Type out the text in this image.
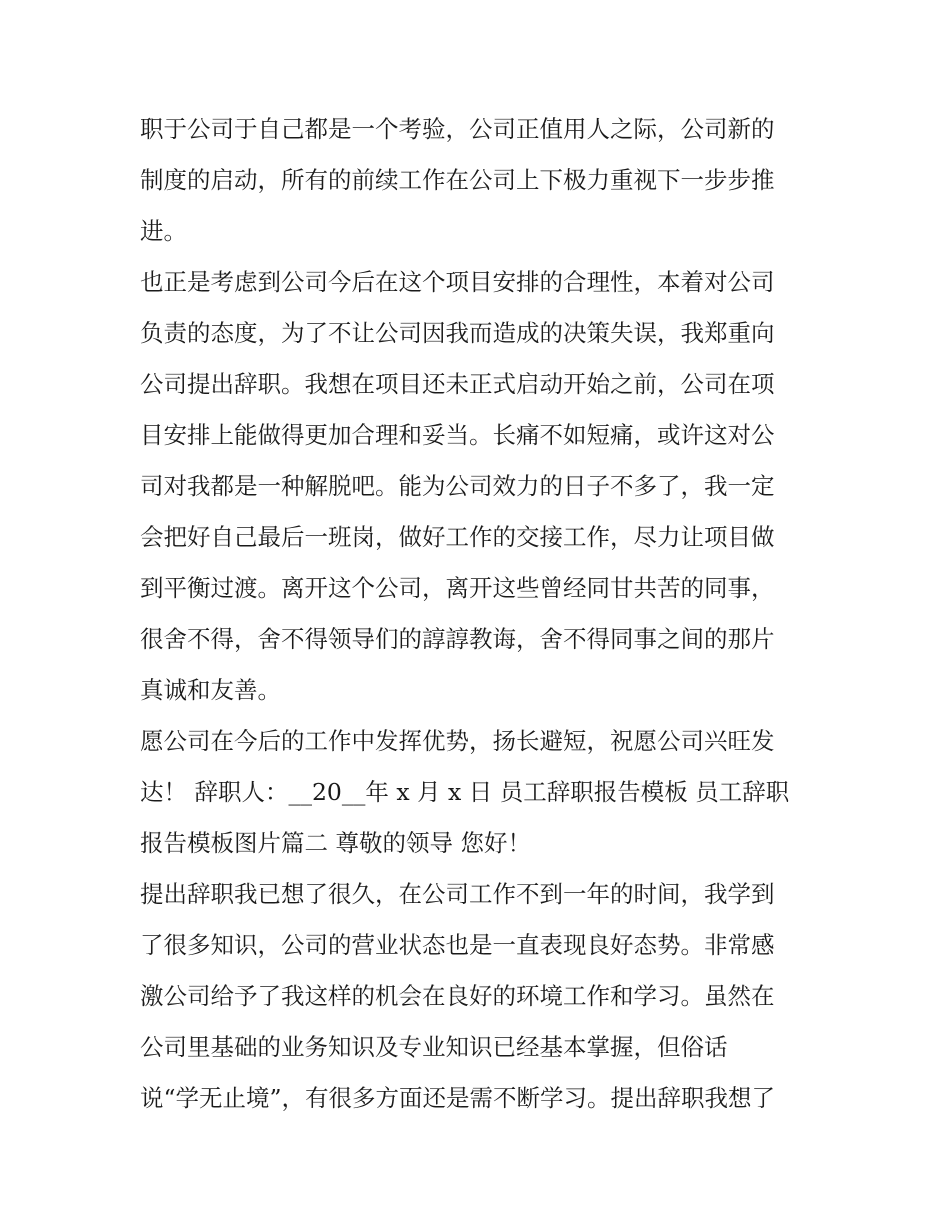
职于公司于自己都是一个考验，公司正值用人之际，公司新的
制度的启动，所有的前续工作在公司上下极力重视下一步步推
进。
也正是考虑到公司今后在这个项目安排的合理性，本着对公司
负责的态度，为了不让公司因我而造成的决策失误，我郑重向
公司提出辞职。我想在项目还未正式启动开始之前，公司在项
目安排上能做得更加合理和妥当。长痛不如短痛，或许这对公
司对我都是一种解脱吧。能为公司效力的日子不多了，我一定
会把好自己最后一班岗，做好工作的交接工作，尽力让项目做
到平衡过渡。离开这个公司，离开这些曾经同甘共苦的同事，
很舍不得，舍不得领导们的諄諄教诲，舍不得同事之间的那片
真诚和友善。
愿公司在今后的工作中发挥优势，扬长避短，祝愿公司兴旺发
达！ 辞职人：__20__年 x 月 x 日 员工辞职报告模板 员工辞职
报告模板图片篇二 尊敬的领导 您好！
提出辞职我已想了很久，在公司工作不到一年的时间，我学到
了很多知识，公司的营业状态也是一直表现良好态势。非常感
激公司给予了我这样的机会在良好的环境工作和学习。虽然在
公司里基础的业务知识及专业知识已经基本掌握，但俗话
说“学无止境”，有很多方面还是需不断学习。提出辞职我想了
